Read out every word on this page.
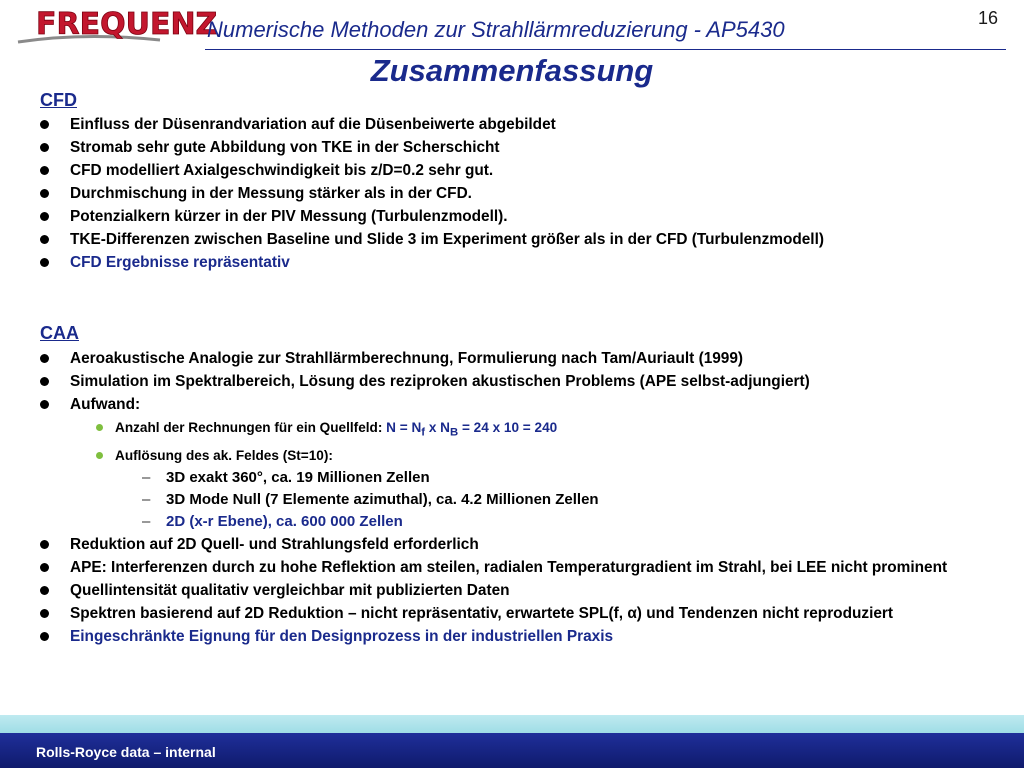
FREQUENZ
Numerische Methoden zur Strahllärmreduzierung - AP5430	16
Zusammenfassung
CFD
Einfluss der Düsenrandvariation auf die Düsenbeiwerte abgebildet
Stromab sehr gute Abbildung von TKE in der Scherschicht
CFD modelliert Axialgeschwindigkeit bis z/D=0.2 sehr gut.
Durchmischung in der Messung stärker als in der CFD.
Potenzialkern kürzer in der PIV Messung (Turbulenzmodell).
TKE-Differenzen zwischen Baseline und Slide 3 im Experiment größer als in der CFD (Turbulenzmodell)
CFD Ergebnisse repräsentativ
CAA
Aeroakustische Analogie zur Strahllärmberechnung, Formulierung nach Tam/Auriault (1999)
Simulation im Spektralbereich, Lösung des reziproken akustischen Problems (APE selbst-adjungiert)
Aufwand:
Anzahl der Rechnungen für ein Quellfeld: $N = N_f$ x $N_B = 24$ x 10 = 240
Auflösung des ak. Feldes (St=10):
– 3D exakt 360°, ca. 19 Millionen Zellen
– 3D Mode Null (7 Elemente azimuthal), ca. 4.2 Millionen Zellen
– 2D (x-r Ebene), ca. 600 000 Zellen
Reduktion auf 2D Quell- und Strahlungsfeld erforderlich
APE: Interferenzen durch zu hohe Reflektion am steilen, radialen Temperaturgradient im Strahl, bei LEE nicht prominent
Quellintensität qualitativ vergleichbar mit publizierten Daten
Spektren basierend auf 2D Reduktion – nicht repräsentativ, erwartete SPL(f, α) und Tendenzen nicht reproduziert
Eingeschränkte Eignung für den Designprozess in der industriellen Praxis
Rolls-Royce data – internal
